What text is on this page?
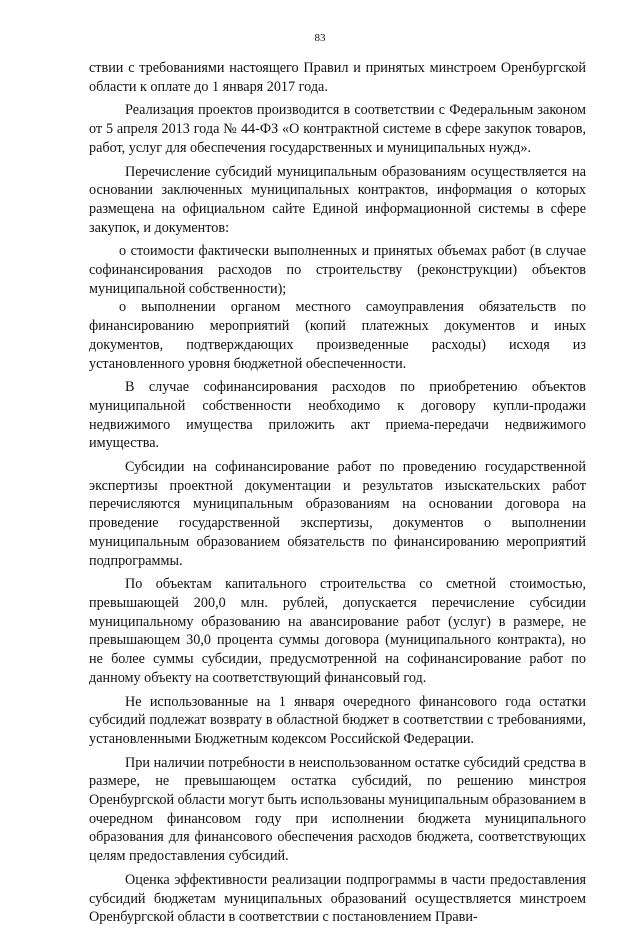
83

ствии с требованиями настоящего Правил и принятых минстроем Оренбургской области к оплате до 1 января 2017 года.

Реализация проектов производится в соответствии с Федеральным законом от 5 апреля 2013 года № 44-ФЗ «О контрактной системе в сфере закупок товаров, работ, услуг для обеспечения государственных и муниципальных нужд».

Перечисление субсидий муниципальным образованиям осуществляется на основании заключенных муниципальных контрактов, информация о которых размещена на официальном сайте Единой информационной системы в сфере закупок, и документов:

о стоимости фактически выполненных и принятых объемах работ (в случае софинансирования расходов по строительству (реконструкции) объектов муниципальной собственности);

о выполнении органом местного самоуправления обязательств по финансированию мероприятий (копий платежных документов и иных документов, подтверждающих произведенные расходы) исходя из установленного уровня бюджетной обеспеченности.

В случае софинансирования расходов по приобретению объектов муниципальной собственности необходимо к договору купли-продажи недвижимого имущества приложить акт приема-передачи недвижимого имущества.

Субсидии на софинансирование работ по проведению государственной экспертизы проектной документации и результатов изыскательских работ перечисляются муниципальным образованиям на основании договора на проведение государственной экспертизы, документов о выполнении муниципальным образованием обязательств по финансированию мероприятий подпрограммы.

По объектам капитального строительства со сметной стоимостью, превышающей 200,0 млн. рублей, допускается перечисление субсидии муниципальному образованию на авансирование работ (услуг) в размере, не превышающем 30,0 процента суммы договора (муниципального контракта), но не более суммы субсидии, предусмотренной на софинансирование работ по данному объекту на соответствующий финансовый год.

Не использованные на 1 января очередного финансового года остатки субсидий подлежат возврату в областной бюджет в соответствии с требованиями, установленными Бюджетным кодексом Российской Федерации.

При наличии потребности в неиспользованном остатке субсидий средства в размере, не превышающем остатка субсидий, по решению минстроя Оренбургской области могут быть использованы муниципальным образованием в очередном финансовом году при исполнении бюджета муниципального образования для финансового обеспечения расходов бюджета, соответствующих целям предоставления субсидий.

Оценка эффективности реализации подпрограммы в части предоставления субсидий бюджетам муниципальных образований осуществляется минстроем Оренбургской области в соответствии с постановлением Прави-
